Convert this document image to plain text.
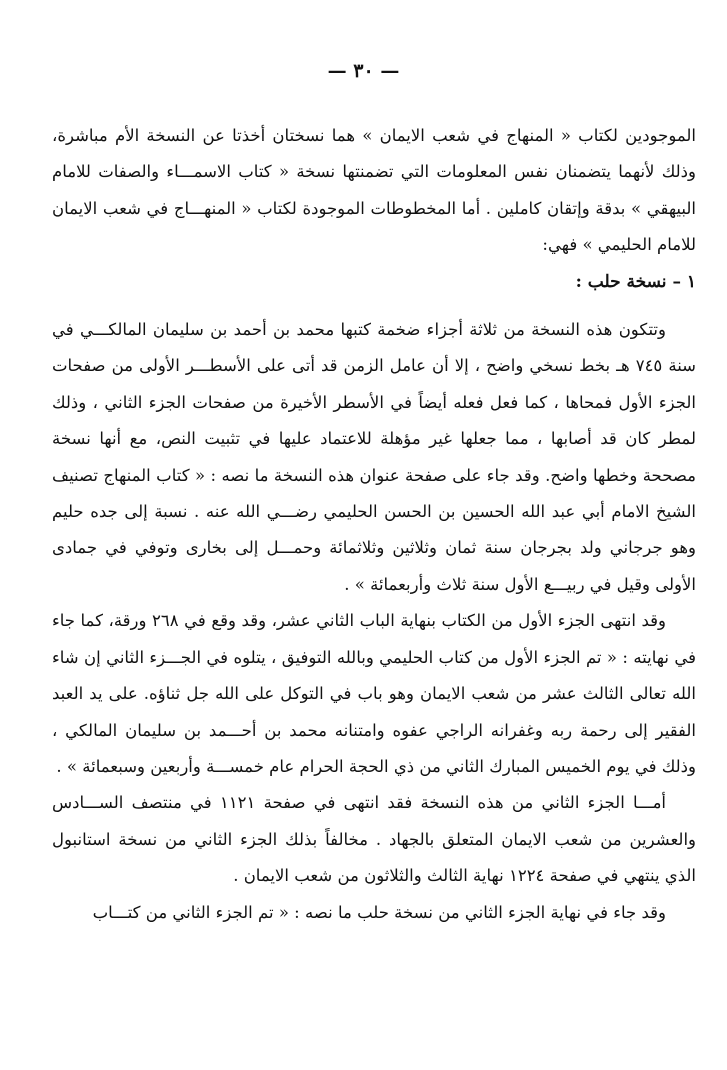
— ٣٠ —

الموجودين لكتاب « المنهاج في شعب الايمان » هما نسختان أخذتا عن النسخة الأم مباشرة، وذلك لأنهما يتضمنان نفس المعلومات التي تضمنتها نسخة « كتاب الاسمـــاء والصفات للامام البيهقي » بدقة وإتقان كاملين . أما المخطوطات الموجودة لكتاب « المنهـــاج في شعب الايمان للامام الحليمي » فهي:

١ – نسخة حلب :

وتتكون هذه النسخة من ثلاثة أجزاء ضخمة كتبها محمد بن أحمد بن سليمان المالكـــي في سنة ٧٤٥ هـ بخط نسخي واضح ، إلا أن عامل الزمن قد أتى على الأسطـــر الأولى من صفحات الجزء الأول فمحاها ، كما فعل فعله أيضاً في الأسطر الأخيرة من صفحات الجزء الثاني ، وذلك لمطر كان قد أصابها ، مما جعلها غير مؤهلة للاعتماد عليها في تثبيت النص، مع أنها نسخة مصححة وخطها واضح. وقد جاء على صفحة عنوان هذه النسخة ما نصه : « كتاب المنهاج تصنيف الشيخ الامام أبي عبد الله الحسين بن الحسن الحليمي رضـــي الله عنه . نسبة إلى جده حليم وهو جرجاني ولد بجرجان سنة ثمان وثلاثين وثلاثمائة وحمـــل إلى بخارى وتوفي في جمادى الأولى وقيل في ربيـــع الأول سنة ثلاث وأربعمائة » .

وقد انتهى الجزء الأول من الكتاب بنهاية الباب الثاني عشر، وقد وقع في ٢٦٨ ورقة، كما جاء في نهايته : « تم الجزء الأول من كتاب الحليمي وبالله التوفيق ، يتلوه في الجـــزء الثاني إن شاء الله تعالى الثالث عشر من شعب الايمان وهو باب في التوكل على الله جل ثناؤه. على يد العبد الفقير إلى رحمة ربه وغفرانه الراجي عفوه وامتنانه محمد بن أحـــمد بن سليمان المالكي ، وذلك في يوم الخميس المبارك الثاني من ذي الحجة الحرام عام خمســـة وأربعين وسبعمائة » .

أمـــا الجزء الثاني من هذه النسخة فقد انتهى في صفحة ١١٢١ في منتصف الســـادس والعشرين من شعب الايمان المتعلق بالجهاد . مخالفاً بذلك الجزء الثاني من نسخة استانبول الذي ينتهي في صفحة ١٢٢٤ نهاية الثالث والثلاثون من شعب الايمان .

وقد جاء في نهاية الجزء الثاني من نسخة حلب ما نصه : « تم الجزء الثاني من كتـــاب
